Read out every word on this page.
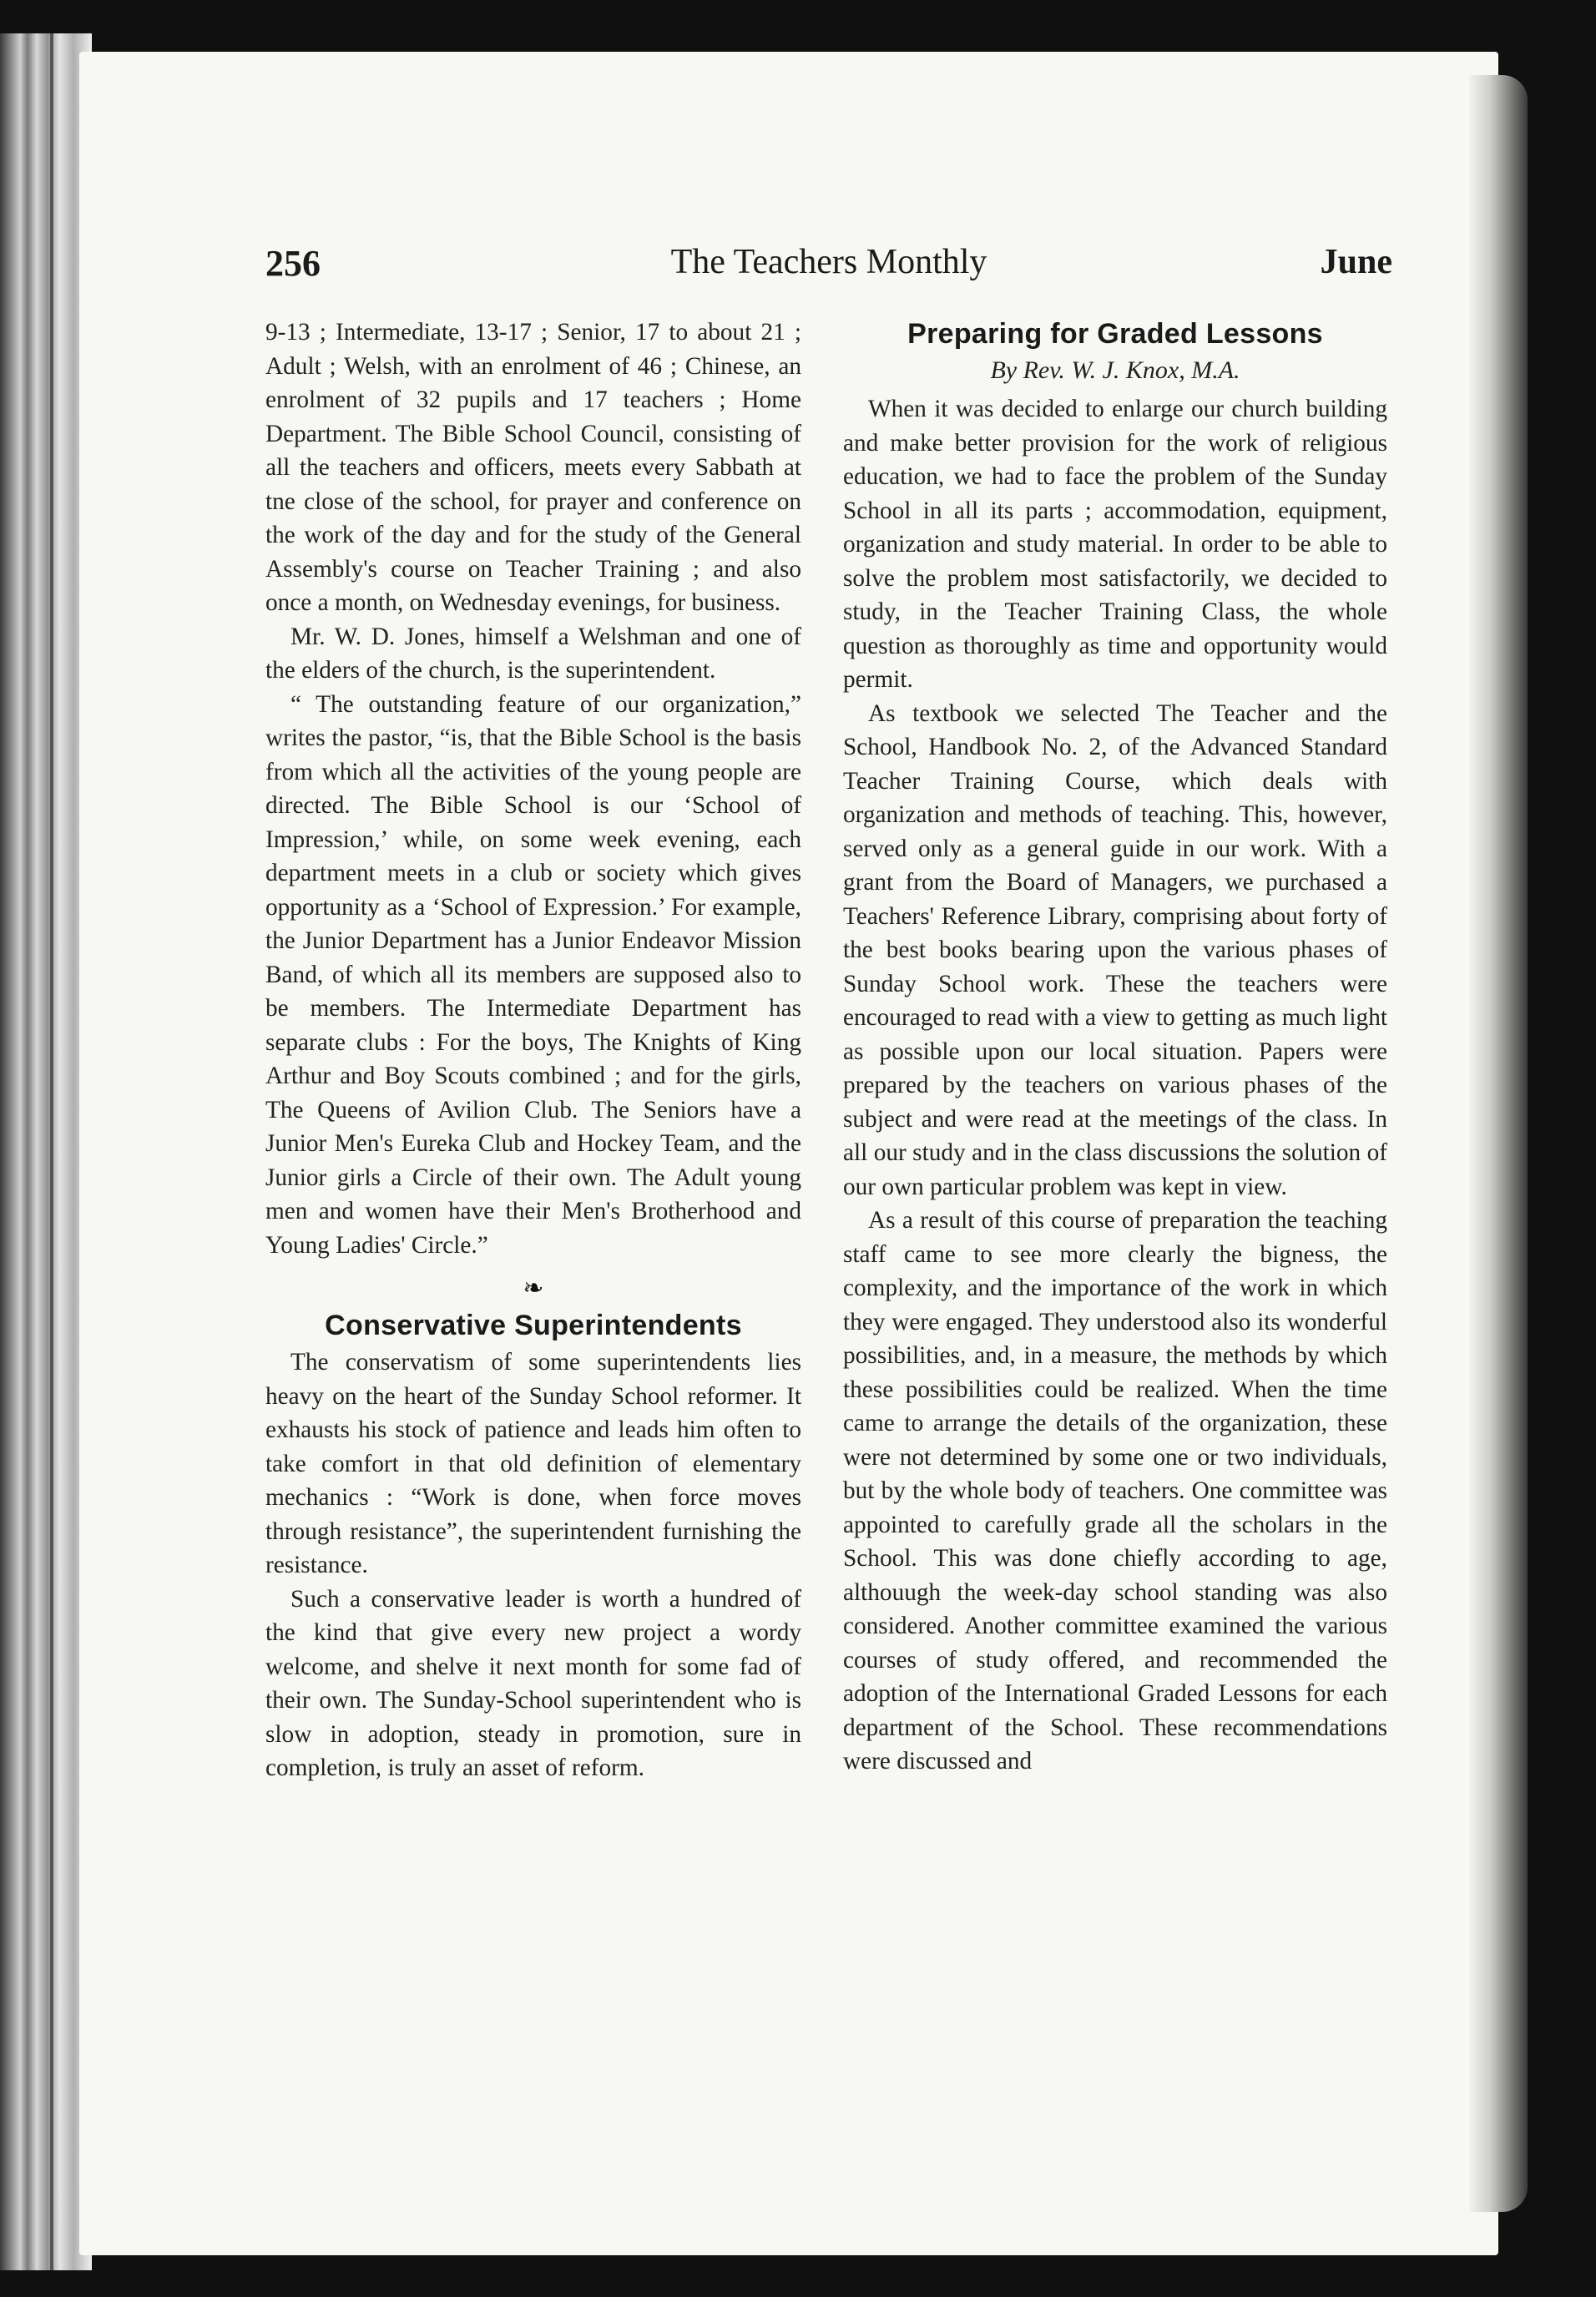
256	The Teachers Monthly	June

9-13 ; Intermediate, 13-17 ; Senior, 17 to about 21 ; Adult ; Welsh, with an enrolment of 46 ; Chinese, an enrolment of 32 pupils and 17 teachers ; Home Department. The Bible School Council, consisting of all the teachers and officers, meets every Sabbath at tne close of the school, for prayer and conference on the work of the day and for the study of the General Assembly's course on Teacher Training ; and also once a month, on Wednesday evenings, for business.

Mr. W. D. Jones, himself a Welshman and one of the elders of the church, is the superintendent.

“ The outstanding feature of our organization,” writes the pastor, “is, that the Bible School is the basis from which all the activities of the young people are directed. The Bible School is our ‘School of Impression,’ while, on some week evening, each department meets in a club or society which gives opportunity as a ‘School of Expression.’ For example, the Junior Department has a Junior Endeavor Mission Band, of which all its members are supposed also to be members. The Intermediate Department has separate clubs : For the boys, The Knights of King Arthur and Boy Scouts combined ; and for the girls, The Queens of Avilion Club. The Seniors have a Junior Men's Eureka Club and Hockey Team, and the Junior girls a Circle of their own. The Adult young men and women have their Men's Brotherhood and Young Ladies' Circle.”

❧
Conservative Superintendents

The conservatism of some superintendents lies heavy on the heart of the Sunday School reformer. It exhausts his stock of patience and leads him often to take comfort in that old definition of elementary mechanics : “Work is done, when force moves through resistance”, the superintendent furnishing the resistance.

Such a conservative leader is worth a hundred of the kind that give every new project a wordy welcome, and shelve it next month for some fad of their own. The Sunday-School superintendent who is slow in adoption, steady in promotion, sure in completion, is truly an asset of reform.

Preparing for Graded Lessons
By Rev. W. J. Knox, M.A.

When it was decided to enlarge our church building and make better provision for the work of religious education, we had to face the problem of the Sunday School in all its parts ; accommodation, equipment, organization and study material. In order to be able to solve the problem most satisfactorily, we decided to study, in the Teacher Training Class, the whole question as thoroughly as time and opportunity would permit.

As textbook we selected The Teacher and the School, Handbook No. 2, of the Advanced Standard Teacher Training Course, which deals with organization and methods of teaching. This, however, served only as a general guide in our work. With a grant from the Board of Managers, we purchased a Teachers' Reference Library, comprising about forty of the best books bearing upon the various phases of Sunday School work. These the teachers were encouraged to read with a view to getting as much light as possible upon our local situation. Papers were prepared by the teachers on various phases of the subject and were read at the meetings of the class. In all our study and in the class discussions the solution of our own particular problem was kept in view.

As a result of this course of preparation the teaching staff came to see more clearly the bigness, the complexity, and the importance of the work in which they were engaged. They understood also its wonderful possibilities, and, in a measure, the methods by which these possibilities could be realized. When the time came to arrange the details of the organization, these were not determined by some one or two individuals, but by the whole body of teachers. One committee was appointed to carefully grade all the scholars in the School. This was done chiefly according to age, althouugh the week-day school standing was also considered. Another committee examined the various courses of study offered, and recommended the adoption of the International Graded Lessons for each department of the School. These recommendations were discussed and
